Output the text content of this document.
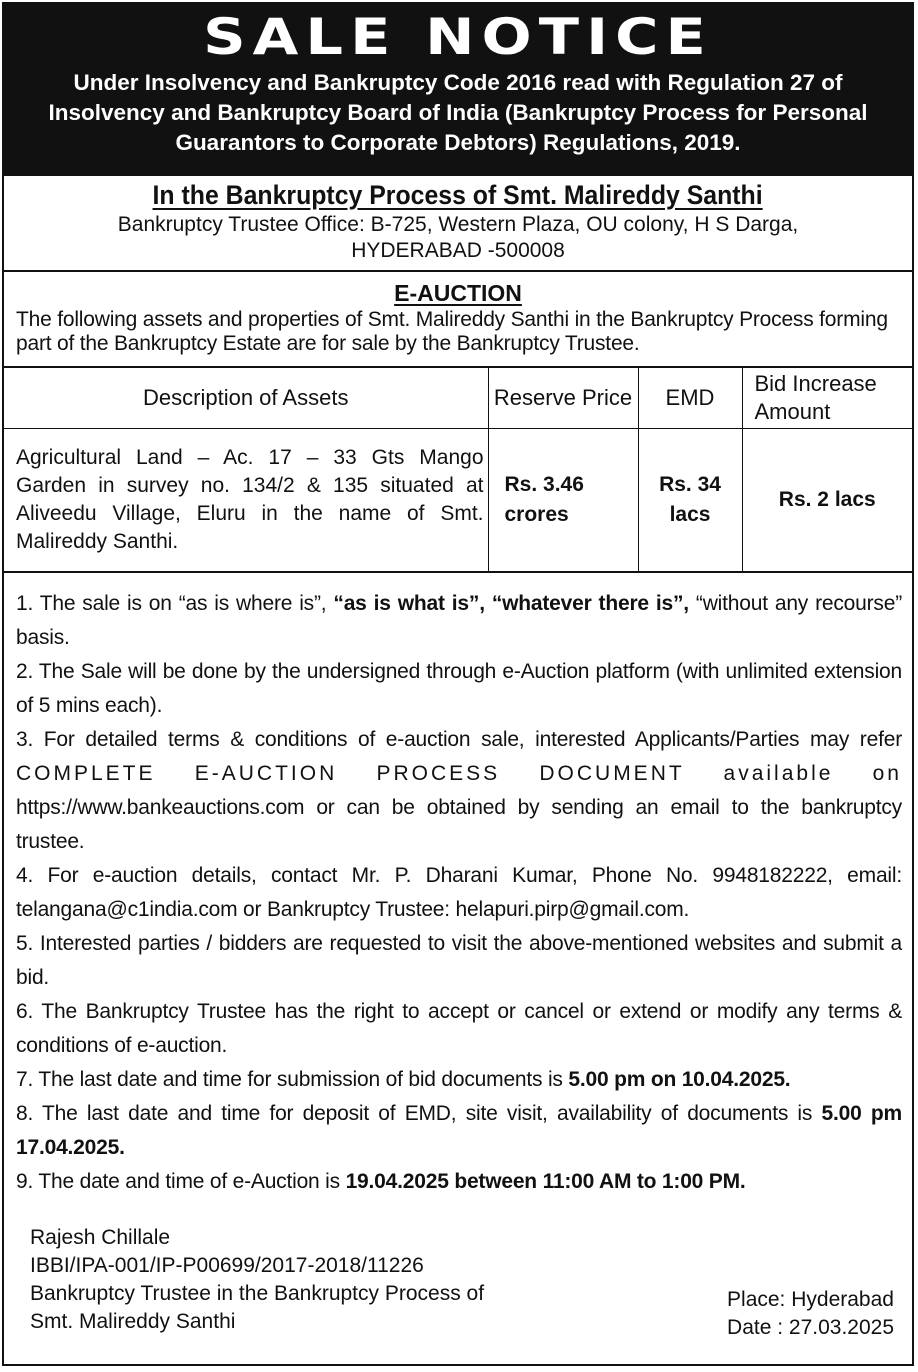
SALE NOTICE
Under Insolvency and Bankruptcy Code 2016 read with Regulation 27 of Insolvency and Bankruptcy Board of India (Bankruptcy Process for Personal Guarantors to Corporate Debtors) Regulations, 2019.
In the Bankruptcy Process of Smt. Malireddy Santhi
Bankruptcy Trustee Office: B-725, Western Plaza, OU colony, H S Darga,
HYDERABAD -500008
E-AUCTION
The following assets and properties of Smt. Malireddy Santhi in the Bankruptcy Process forming part of the Bankruptcy Estate are for sale by the Bankruptcy Trustee.
Description of Assets	Reserve Price	EMD	Bid Increase Amount
Agricultural Land – Ac. 17 – 33 Gts Mango Garden in survey no. 134/2 & 135 situated at Aliveedu Village, Eluru in the name of Smt. Malireddy Santhi.	Rs. 3.46 crores	Rs. 34 lacs	Rs. 2 lacs

1. The sale is on “as is where is”, “as is what is”, “whatever there is”, “without any recourse” basis.

2. The Sale will be done by the undersigned through e-Auction platform (with unlimited extension of 5 mins each).

3. For detailed terms & conditions of e-auction sale, interested Applicants/Parties may refer COMPLETE E-AUCTION PROCESS DOCUMENT available on https://www.bankeauctions.com or can be obtained by sending an email to the bankruptcy trustee.

4. For e-auction details, contact Mr. P. Dharani Kumar, Phone No. 9948182222, email: telangana@c1india.com or Bankruptcy Trustee: helapuri.pirp@gmail.com.

5. Interested parties / bidders are requested to visit the above-mentioned websites and submit a bid.

6. The Bankruptcy Trustee has the right to accept or cancel or extend or modify any terms & conditions of e-auction.

7. The last date and time for submission of bid documents is 5.00 pm on 10.04.2025.

8. The last date and time for deposit of EMD, site visit, availability of documents is 5.00 pm 17.04.2025.

9. The date and time of e-Auction is 19.04.2025 between 11:00 AM to 1:00 PM.

Rajesh Chillale
IBBI/IPA-001/IP-P00699/2017-2018/11226
Bankruptcy Trustee in the Bankruptcy Process of
Smt. Malireddy Santhi
Place: Hyderabad
Date : 27.03.2025
